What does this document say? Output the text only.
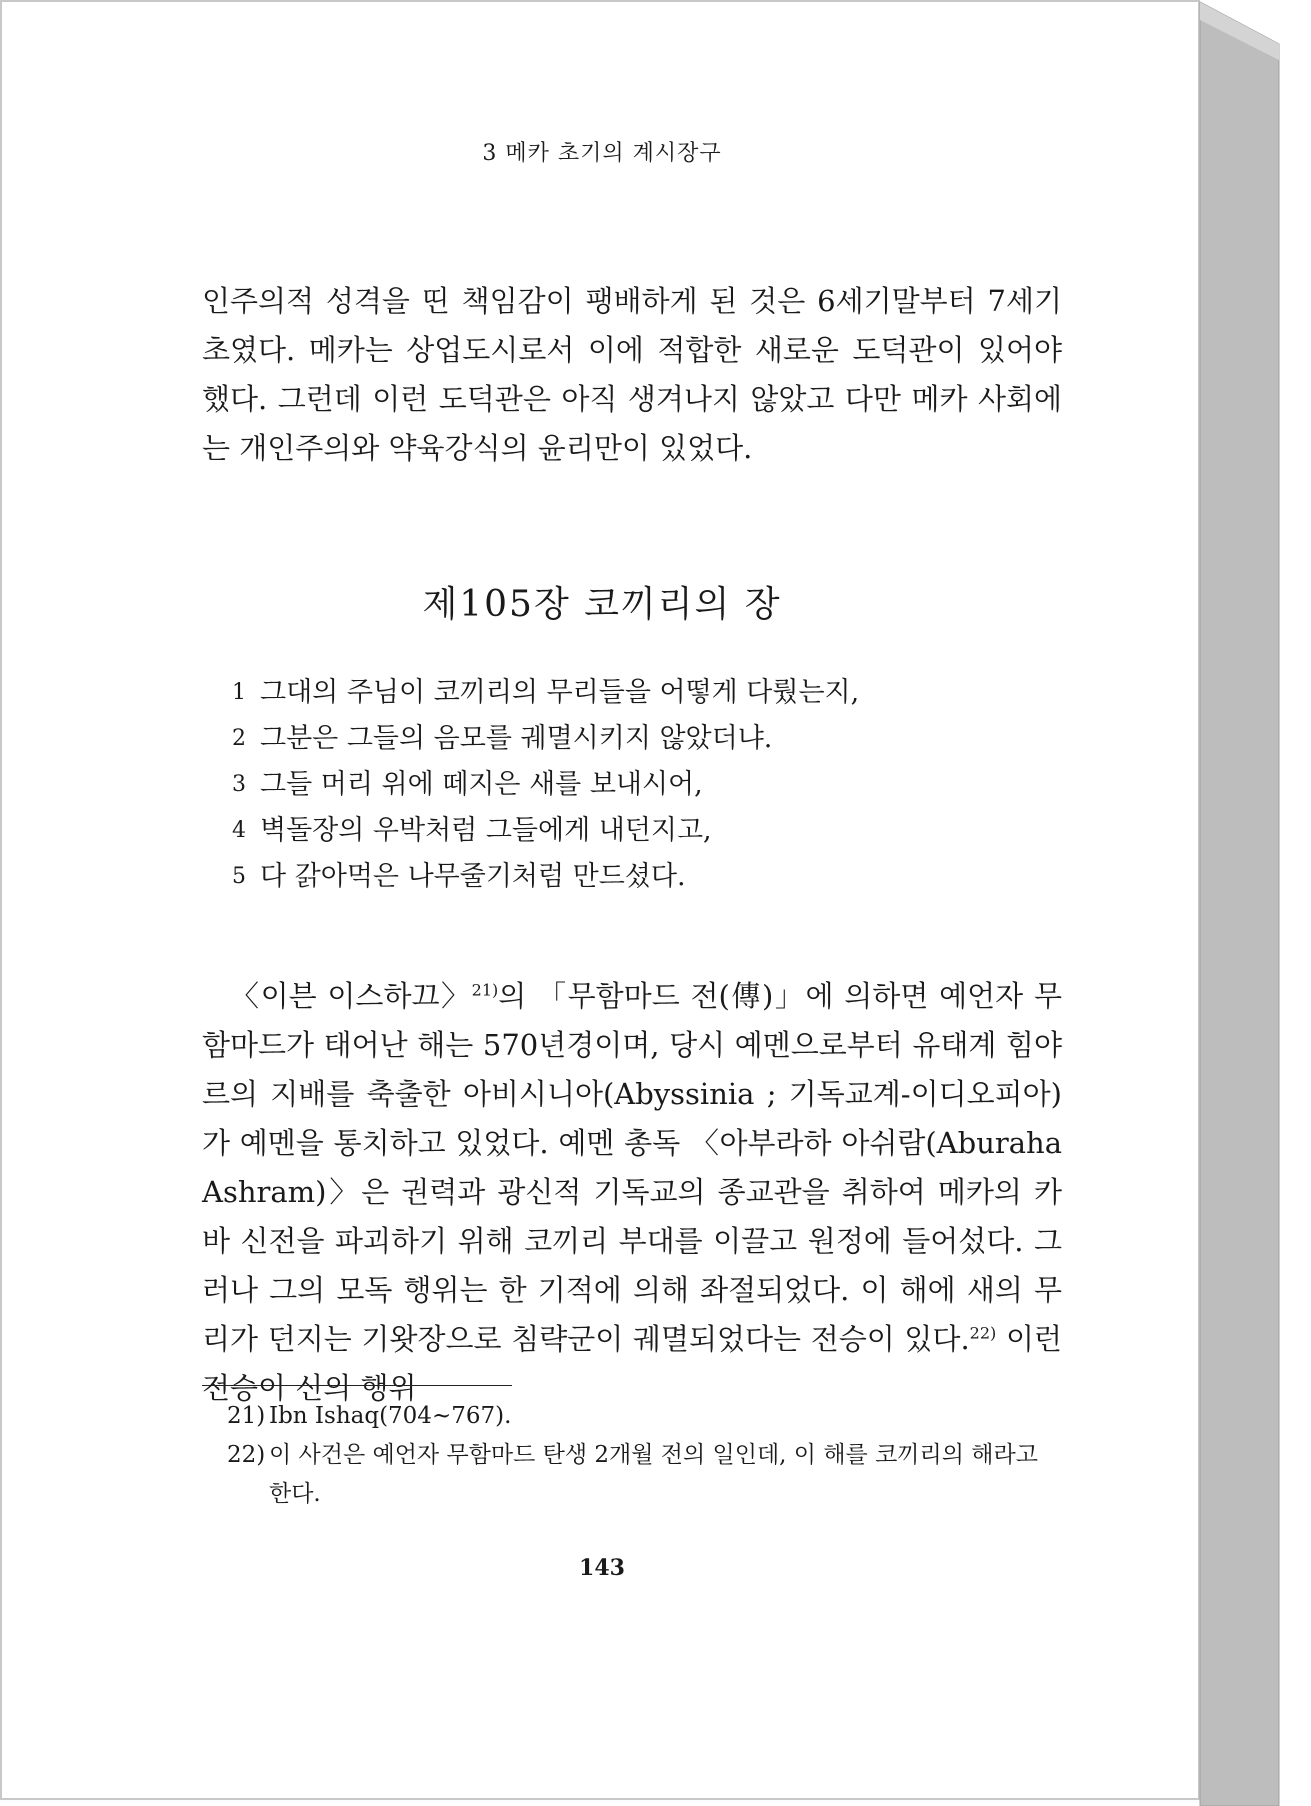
3 메카 초기의 계시장구

인주의적 성격을 띤 책임감이 팽배하게 된 것은 6세기말부터 7세기초였다. 메카는 상업도시로서 이에 적합한 새로운 도덕관이 있어야 했다. 그런데 이런 도덕관은 아직 생겨나지 않았고 다만 메카 사회에는 개인주의와 약육강식의 윤리만이 있었다.

제105장 코끼리의 장
1 그대의 주님이 코끼리의 무리들을 어떻게 다뤘는지,
2 그분은 그들의 음모를 궤멸시키지 않았더냐.
3 그들 머리 위에 떼지은 새를 보내시어,
4 벽돌장의 우박처럼 그들에게 내던지고,
5 다 갉아먹은 나무줄기처럼 만드셨다.

〈이븐 이스하끄〉$^{21)}$의 「무함마드 전(傳)」에 의하면 예언자 무함마드가 태어난 해는 570년경이며, 당시 예멘으로부터 유태계 힘야르의 지배를 축출한 아비시니아(Abyssinia ; 기독교계-이디오피아)가 예멘을 통치하고 있었다. 예멘 총독 〈아부라하 아쉬람(Aburaha Ashram)〉은 권력과 광신적 기독교의 종교관을 취하여 메카의 카바 신전을 파괴하기 위해 코끼리 부대를 이끌고 원정에 들어섰다. 그러나 그의 모독 행위는 한 기적에 의해 좌절되었다. 이 해에 새의 무리가 던지는 기왓장으로 침략군이 궤멸되었다는 전승이 있다.$^{22)}$ 이런 전승이 신의 행위

21) Ibn Ishaq(704~767).
22) 이 사건은 예언자 무함마드 탄생 2개월 전의 일인데, 이 해를 코끼리의 해라고 한다.
143
